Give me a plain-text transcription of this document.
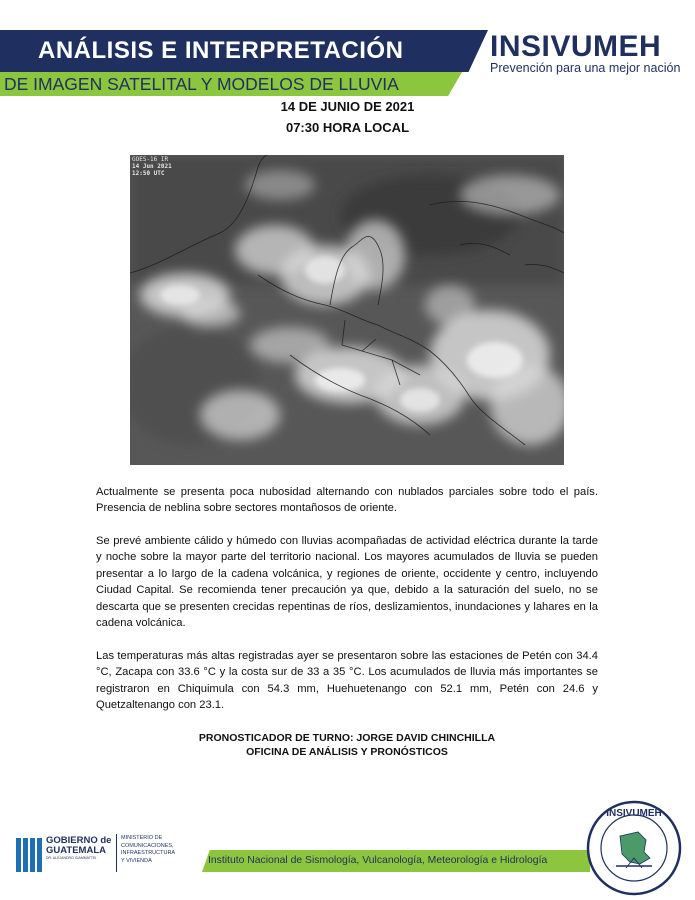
ANÁLISIS E INTERPRETACIÓN
DE IMAGEN SATELITAL Y MODELOS DE LLUVIA
INSIVUMEH
Prevención para una mejor nación
14 DE JUNIO DE 2021
07:30 HORA LOCAL
GOES-16 IR
14 Jun 2021
12:50 UTC
Actualmente se presenta poca nubosidad alternando con nublados parciales sobre todo el país. Presencia de neblina sobre sectores montañosos de oriente.
Se prevé ambiente cálido y húmedo con lluvias acompañadas de actividad eléctrica durante la tarde y noche sobre la mayor parte del territorio nacional. Los mayores acumulados de lluvia se pueden presentar a lo largo de la cadena volcánica, y regiones de oriente, occidente y centro, incluyendo Ciudad Capital. Se recomienda tener precaución ya que, debido a la saturación del suelo, no se descarta que se presenten crecidas repentinas de ríos, deslizamientos, inundaciones y lahares en la cadena volcánica.
Las temperaturas más altas registradas ayer se presentaron sobre las estaciones de Petén con 34.4 °C, Zacapa con 33.6 °C y la costa sur de 33 a 35 °C. Los acumulados de lluvia más importantes se registraron en Chiquimula con 54.3 mm, Huehuetenango con 52.1 mm, Petén con 24.6 y Quetzaltenango con 23.1.
PRONOSTICADOR DE TURNO: JORGE DAVID CHINCHILLA
OFICINA DE ANÁLISIS Y PRONÓSTICOS
GOBIERNO de
GUATEMALA
DR. ALEJANDRO GIAMMATTEI
MINISTERIO DE
COMUNICACIONES,
INFRAESTRUCTURA
Y VIVIENDA	Instituto Nacional de Sismología, Vulcanología, Meteorología e Hidrología
INSIVUMEH
